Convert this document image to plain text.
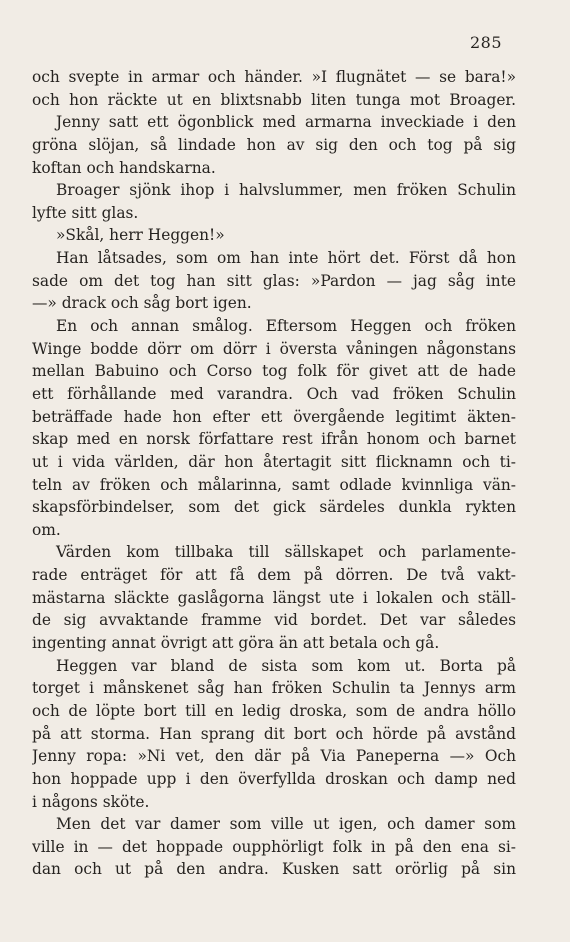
285
och svepte in armar och händer. »I flugnätet — se bara!»
och hon räckte ut en blixtsnabb liten tunga mot Broager.
Jenny satt ett ögonblick med armarna inveckiade i den
gröna slöjan, så lindade hon av sig den och tog på sig
koftan och handskarna.
Broager sjönk ihop i halvslummer, men fröken Schulin
lyfte sitt glas.
»Skål, herr Heggen!»
Han låtsades, som om han inte hört det. Först då hon
sade om det tog han sitt glas: »Pardon — jag såg inte
—» drack och såg bort igen.
En och annan smålog. Eftersom Heggen och fröken
Winge bodde dörr om dörr i översta våningen någonstans
mellan Babuino och Corso tog folk för givet att de hade
ett förhållande med varandra. Och vad fröken Schulin
beträffade hade hon efter ett övergående legitimt äkten-
skap med en norsk författare rest ifrån honom och barnet
ut i vida världen, där hon återtagit sitt flicknamn och ti-
teln av fröken och målarinna, samt odlade kvinnliga vän-
skapsförbindelser, som det gick särdeles dunkla rykten
om.
Värden kom tillbaka till sällskapet och parlamente-
rade enträget för att få dem på dörren. De två vakt-
mästarna släckte gaslågorna längst ute i lokalen och ställ-
de sig avvaktande framme vid bordet. Det var således
ingenting annat övrigt att göra än att betala och gå.
Heggen var bland de sista som kom ut. Borta på
torget i månskenet såg han fröken Schulin ta Jennys arm
och de löpte bort till en ledig droska, som de andra höllo
på att storma. Han sprang dit bort och hörde på avstånd
Jenny ropa: »Ni vet, den där på Via Paneperna —» Och
hon hoppade upp i den överfyllda droskan och damp ned
i någons sköte.
Men det var damer som ville ut igen, och damer som
ville in — det hoppade oupphörligt folk in på den ena si-
dan och ut på den andra. Kusken satt orörlig på sin
